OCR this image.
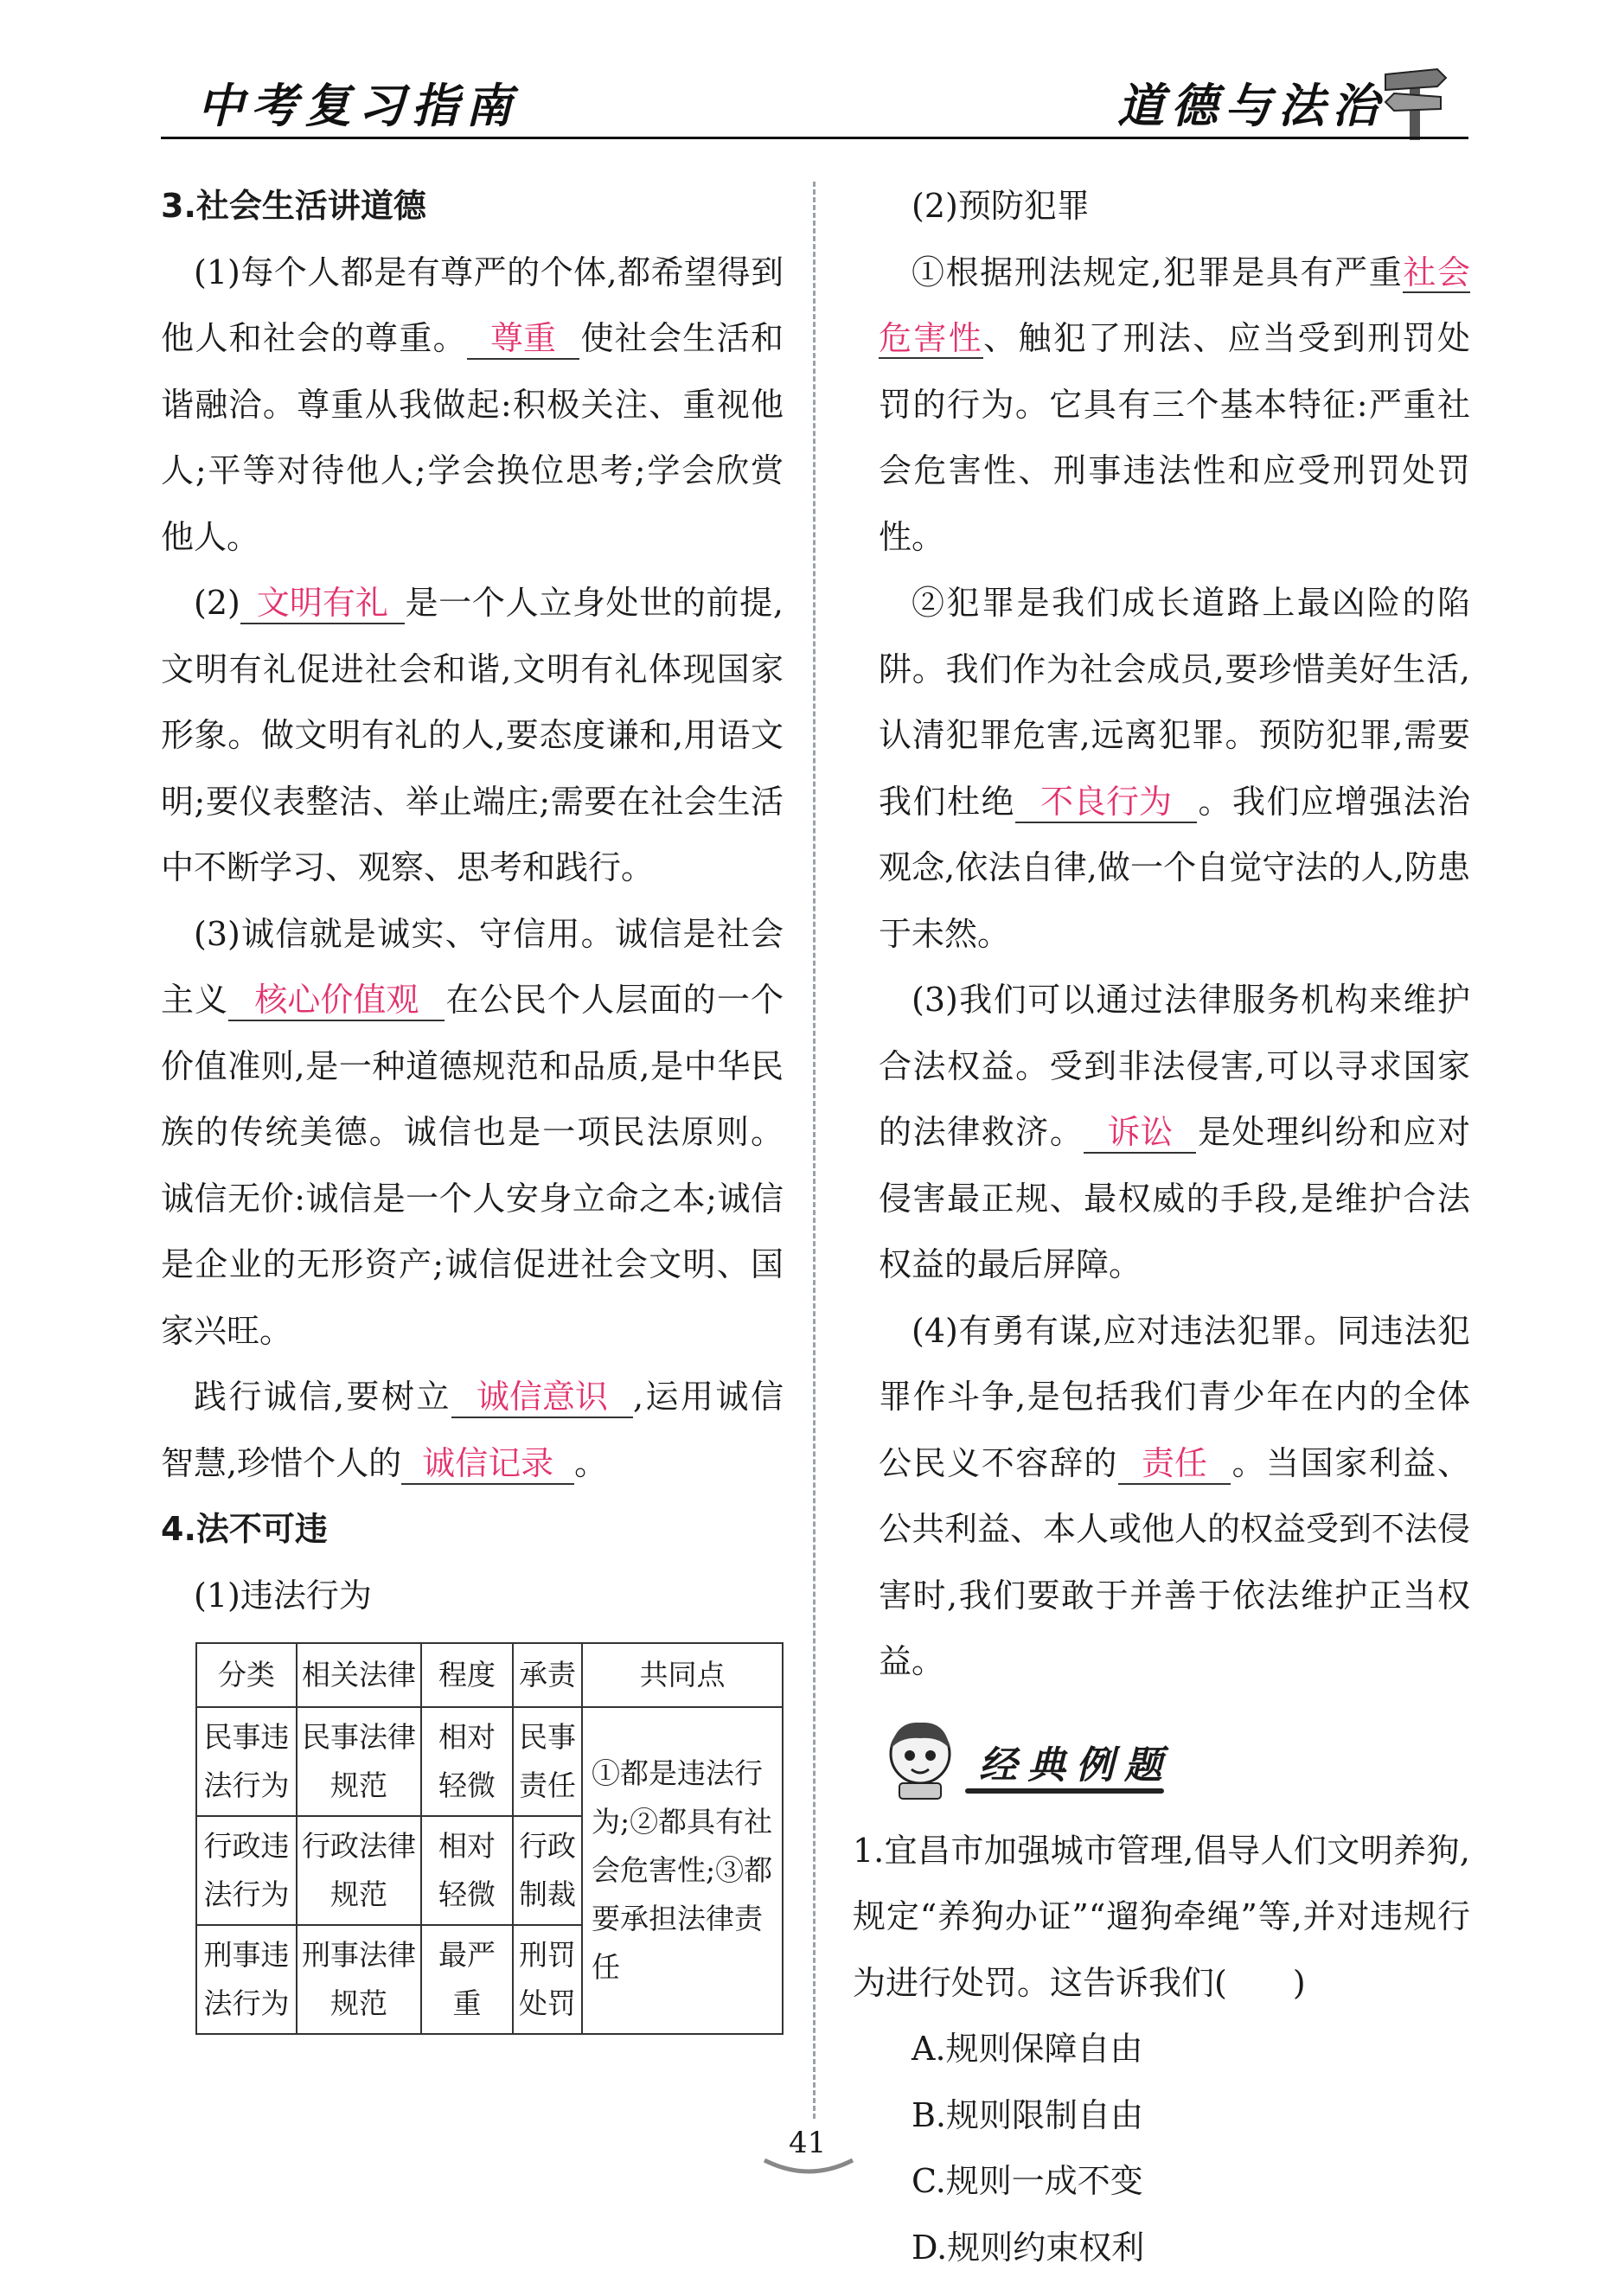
中考复习指南	道德与法治

3.社会生活讲道德

(1)每个人都是有尊严的个体,都希望得到他人和社会的尊重。 尊重 使社会生活和谐融洽。尊重从我做起:积极关注、重视他人;平等对待他人;学会换位思考;学会欣赏他人。

(2) 文明有礼 是一个人立身处世的前提,文明有礼促进社会和谐,文明有礼体现国家形象。做文明有礼的人,要态度谦和,用语文明;要仪表整洁、举止端庄;需要在社会生活中不断学习、观察、思考和践行。

(3)诚信就是诚实、守信用。诚信是社会主义 核心价值观 在公民个人层面的一个价值准则,是一种道德规范和品质,是中华民族的传统美德。诚信也是一项民法原则。诚信无价:诚信是一个人安身立命之本;诚信是企业的无形资产;诚信促进社会文明、国家兴旺。

践行诚信,要树立 诚信意识 ,运用诚信智慧,珍惜个人的 诚信记录 。

4.法不可违

(1)违法行为

分类	相关法律	程度	承责	共同点
民事违法行为	民事法律规范	相对轻微	民事责任	①都是违法行为;②都具有社会危害性;③都要承担法律责任
行政违法行为	行政法律规范	相对轻微	行政制裁	
刑事违法行为	刑事法律规范	最严重	刑罚处罚	

(2)预防犯罪

①根据刑法规定,犯罪是具有严重社会危害性、触犯了刑法、应当受到刑罚处罚的行为。它具有三个基本特征:严重社会危害性、刑事违法性和应受刑罚处罚性。

②犯罪是我们成长道路上最凶险的陷阱。我们作为社会成员,要珍惜美好生活,认清犯罪危害,远离犯罪。预防犯罪,需要我们杜绝 不良行为 。我们应增强法治观念,依法自律,做一个自觉守法的人,防患于未然。

(3)我们可以通过法律服务机构来维护合法权益。受到非法侵害,可以寻求国家的法律救济。 诉讼 是处理纠纷和应对侵害最正规、最权威的手段,是维护合法权益的最后屏障。

(4)有勇有谋,应对违法犯罪。同违法犯罪作斗争,是包括我们青少年在内的全体公民义不容辞的 责任 。当国家利益、公共利益、本人或他人的权益受到不法侵害时,我们要敢于并善于依法维护正当权益。

经典例题

1.宜昌市加强城市管理,倡导人们文明养狗,规定“养狗办证”“遛狗牵绳”等,并对违规行为进行处罚。这告诉我们(　　)

A.规则保障自由

B.规则限制自由

C.规则一成不变

D.规则约束权利

41
